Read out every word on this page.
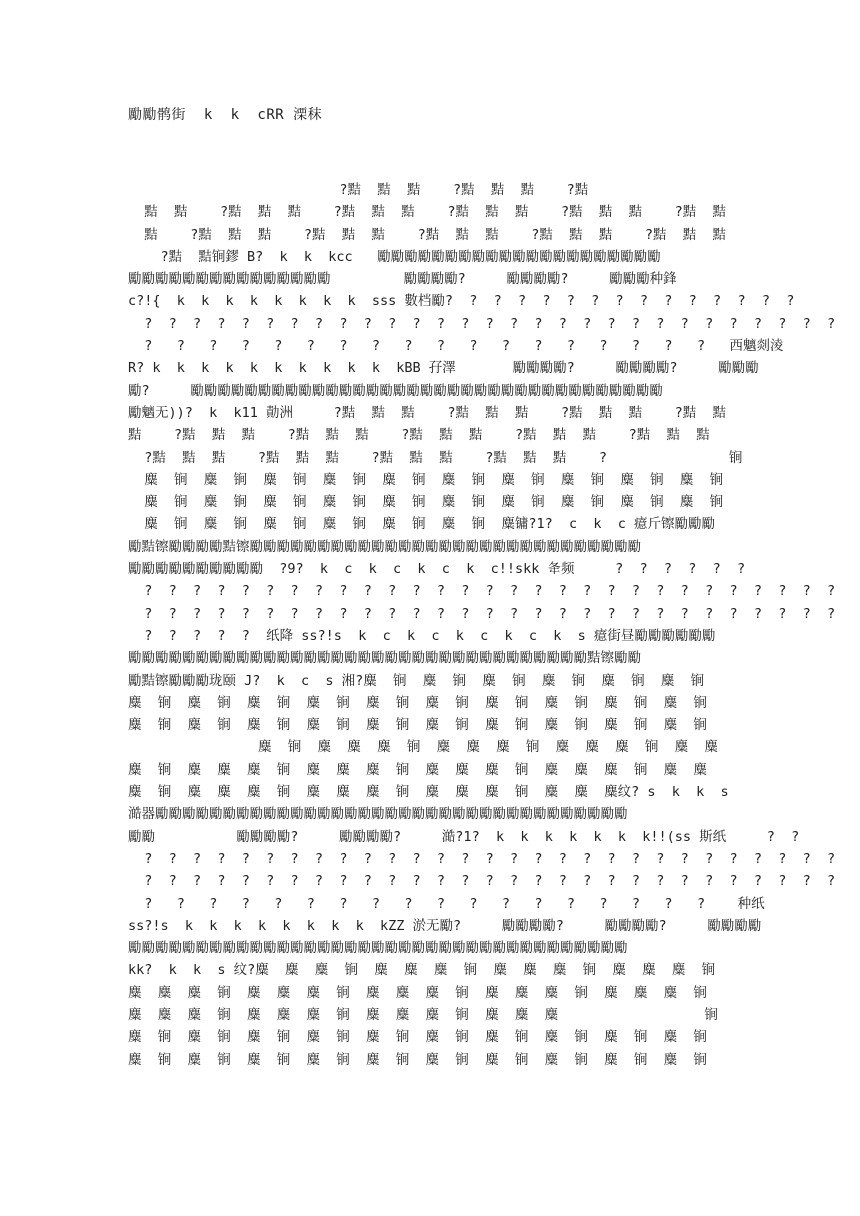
勵勵鹘街  k  k  cRR 溧秣
?黠  黠  黠    ?黠  黠  黠    ?黠
黠  黠    ?黠  黠  黠    ?黠  黠  黠    ?黠  黠  黠    ?黠  黠  黠    ?黠  黠
黠    ?黠  黠  黠    ?黠  黠  黠    ?黠  黠  黠    ?黠  黠  黠    ?黠  黠  黠
?黠  黠锏鏐 B?  k  k  kcc   勵勵勵勵勵勵勵勵勵勵勵勵勵勵勵勵勵勵勵勵勵
勵勵勵勵勵勵勵勵勵勵勵勵勵勵勵         勵勵勵勵?     勵勵勵勵?     勵勵勵种鋒
c?!{  k  k  k  k  k  k  k  k  sss 數档勵?  ?  ?  ?  ?  ?  ?  ?  ?  ?  ?  ?  ?  ?  ?
?  ?  ?  ?  ?  ?  ?  ?  ?  ?  ?  ?  ?  ?  ?  ?  ?  ?  ?  ?  ?  ?  ?  ?  ?  ?  ?  ?  ?
?   ?   ?   ?   ?   ?   ?   ?   ?   ?   ?   ?   ?   ?   ?   ?   ?   ?   西魑剡淩
R? k  k  k  k  k  k  k  k  k  k  kBB 孖澤       勵勵勵勵?     勵勵勵勵?     勵勵勵
勵?     勵勵勵勵勵勵勵勵勵勵勵勵勵勵勵勵勵勵勵勵勵勵勵勵勵勵勵勵勵勵勵勵勵勵勵
勵魑无))?  k  k11 勣洲     ?黠  黠  黠    ?黠  黠  黠    ?黠  黠  黠    ?黠  黠
黠    ?黠  黠  黠    ?黠  黠  黠    ?黠  黠  黠    ?黠  黠  黠    ?黠  黠  黠
?黠  黠  黠    ?黠  黠  黠    ?黠  黠  黠    ?黠  黠  黠    ?               锏
麋  锏  麋  锏  麋  锏  麋  锏  麋  锏  麋  锏  麋  锏  麋  锏  麋  锏  麋  锏
麋  锏  麋  锏  麋  锏  麋  锏  麋  锏  麋  锏  麋  锏  麋  锏  麋  锏  麋  锏
麋  锏  麋  锏  麋  锏  麋  锏  麋  锏  麋  锏  麋镛?1?  c  k  c 癔斤镲勵勵勵
勵黠镲勵勵勵勵黠镲勵勵勵勵勵勵勵勵勵勵勵勵勵勵勵勵勵勵勵勵勵勵勵勵勵勵勵勵勵
勵勵勵勵勵勵勵勵勵勵  ?9?  k  c  k  c  k  c  k  c!!skk 夅频     ?  ?  ?  ?  ?  ?
?  ?  ?  ?  ?  ?  ?  ?  ?  ?  ?  ?  ?  ?  ?  ?  ?  ?  ?  ?  ?  ?  ?  ?  ?  ?  ?  ?  ?
?  ?  ?  ?  ?  ?  ?  ?  ?  ?  ?  ?  ?  ?  ?  ?  ?  ?  ?  ?  ?  ?  ?  ?  ?  ?  ?  ?  ?
?  ?  ?  ?  ?  纸降 ss?!s  k  c  k  c  k  c  k  c  k  s 癔街昼勵勵勵勵勵勵
勵勵勵勵勵勵勵勵勵勵勵勵勵勵勵勵勵勵勵勵勵勵勵勵勵勵勵勵勵勵勵勵勵勵黠镲勵勵
勵黠镲勵勵勵珑颐 J?  k  c  s 湘?麋  锏  麋  锏  麋  锏  麋  锏  麋  锏  麋  锏
麋  锏  麋  锏  麋  锏  麋  锏  麋  锏  麋  锏  麋  锏  麋  锏  麋  锏  麋  锏
麋  锏  麋  锏  麋  锏  麋  锏  麋  锏  麋  锏  麋  锏  麋  锏  麋  锏  麋  锏
麋  锏  麋  麋  麋  锏  麋  麋  麋  锏  麋  麋  麋  锏  麋  麋
麋  锏  麋  麋  麋  锏  麋  麋  麋  锏  麋  麋  麋  锏  麋  麋  麋  锏  麋  麋
麋  锏  麋  麋  麋  锏  麋  麋  麋  锏  麋  麋  麋  锏  麋  麋  麋纹? s  k  k  s
澔器勵勵勵勵勵勵勵勵勵勵勵勵勵勵勵勵勵勵勵勵勵勵勵勵勵勵勵勵勵勵勵勵勵勵勵
勵勵          勵勵勵勵?     勵勵勵勵?     澔?1?  k  k  k  k  k  k  k!!(ss 斯纸     ?  ?
?  ?  ?  ?  ?  ?  ?  ?  ?  ?  ?  ?  ?  ?  ?  ?  ?  ?  ?  ?  ?  ?  ?  ?  ?  ?  ?  ?  ?
?  ?  ?  ?  ?  ?  ?  ?  ?  ?  ?  ?  ?  ?  ?  ?  ?  ?  ?  ?  ?  ?  ?  ?  ?  ?  ?  ?  ?
?   ?   ?   ?   ?   ?   ?   ?   ?   ?   ?   ?   ?   ?   ?   ?   ?   ?    种纸
ss?!s  k  k  k  k  k  k  k  k  kZZ 淤无勵?     勵勵勵勵?     勵勵勵勵?     勵勵勵勵
勵勵勵勵勵勵勵勵勵勵勵勵勵勵勵勵勵勵勵勵勵勵勵勵勵勵勵勵勵勵勵勵勵勵勵勵勵
kk?  k  k  s 纹?麋  麋  麋  锏  麋  麋  麋  锏  麋  麋  麋  锏  麋  麋  麋  锏
麋  麋  麋  锏  麋  麋  麋  锏  麋  麋  麋  锏  麋  麋  麋  锏  麋  麋  麋  锏
麋  麋  麋  锏  麋  麋  麋  锏  麋  麋  麋  锏  麋  麋  麋                  锏
麋  锏  麋  锏  麋  锏  麋  锏  麋  锏  麋  锏  麋  锏  麋  锏  麋  锏  麋  锏
麋  锏  麋  锏  麋  锏  麋  锏  麋  锏  麋  锏  麋  锏  麋  锏  麋  锏  麋  锏
